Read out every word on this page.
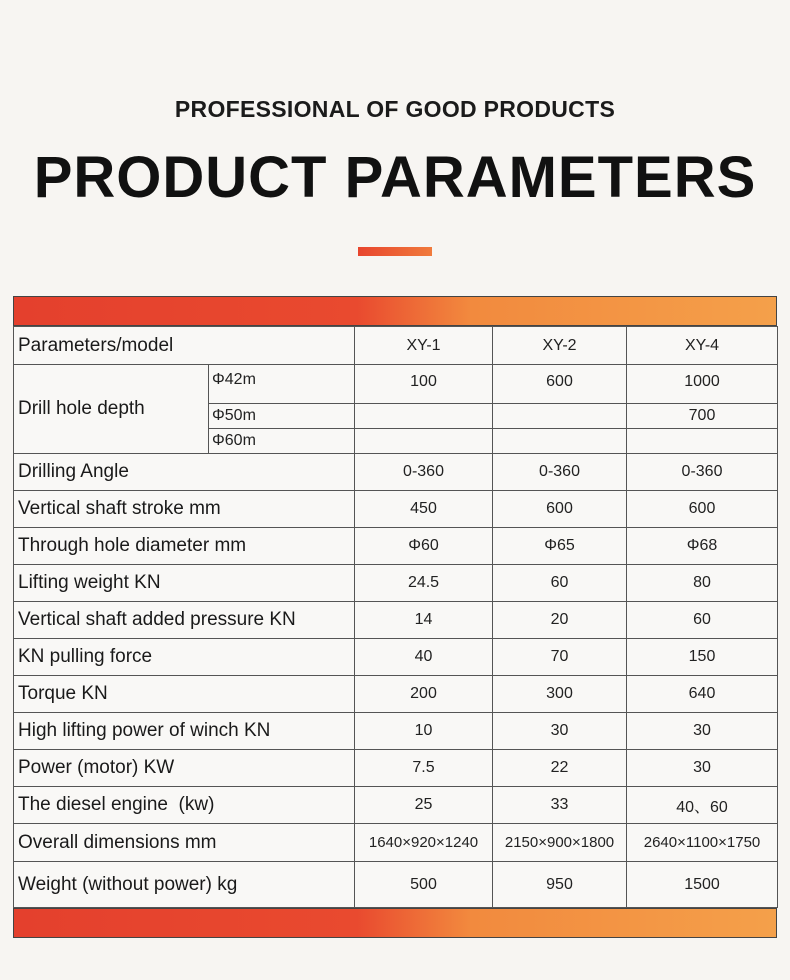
PROFESSIONAL OF GOOD PRODUCTS
PRODUCT PARAMETERS
Parameters/model		XY-1	XY-2	XY-4
Drill hole depth	Φ42m	100	600	1000
	Φ50m			700
	Φ60m			
Drilling Angle		0-360	0-360	0-360
Vertical shaft stroke mm		450	600	600
Through hole diameter mm		Φ60	Φ65	Φ68
Lifting weight KN		24.5	60	80
Vertical shaft added pressure KN		14	20	60
KN pulling force		40	70	150
Torque KN		200	300	640
High lifting power of winch KN		10	30	30
Power (motor) KW		7.5	22	30
The diesel engine  (kw)		25	33	40、60
Overall dimensions mm		1640×920×1240	2150×900×1800	2640×1100×1750
Weight (without power) kg		500	950	1500
